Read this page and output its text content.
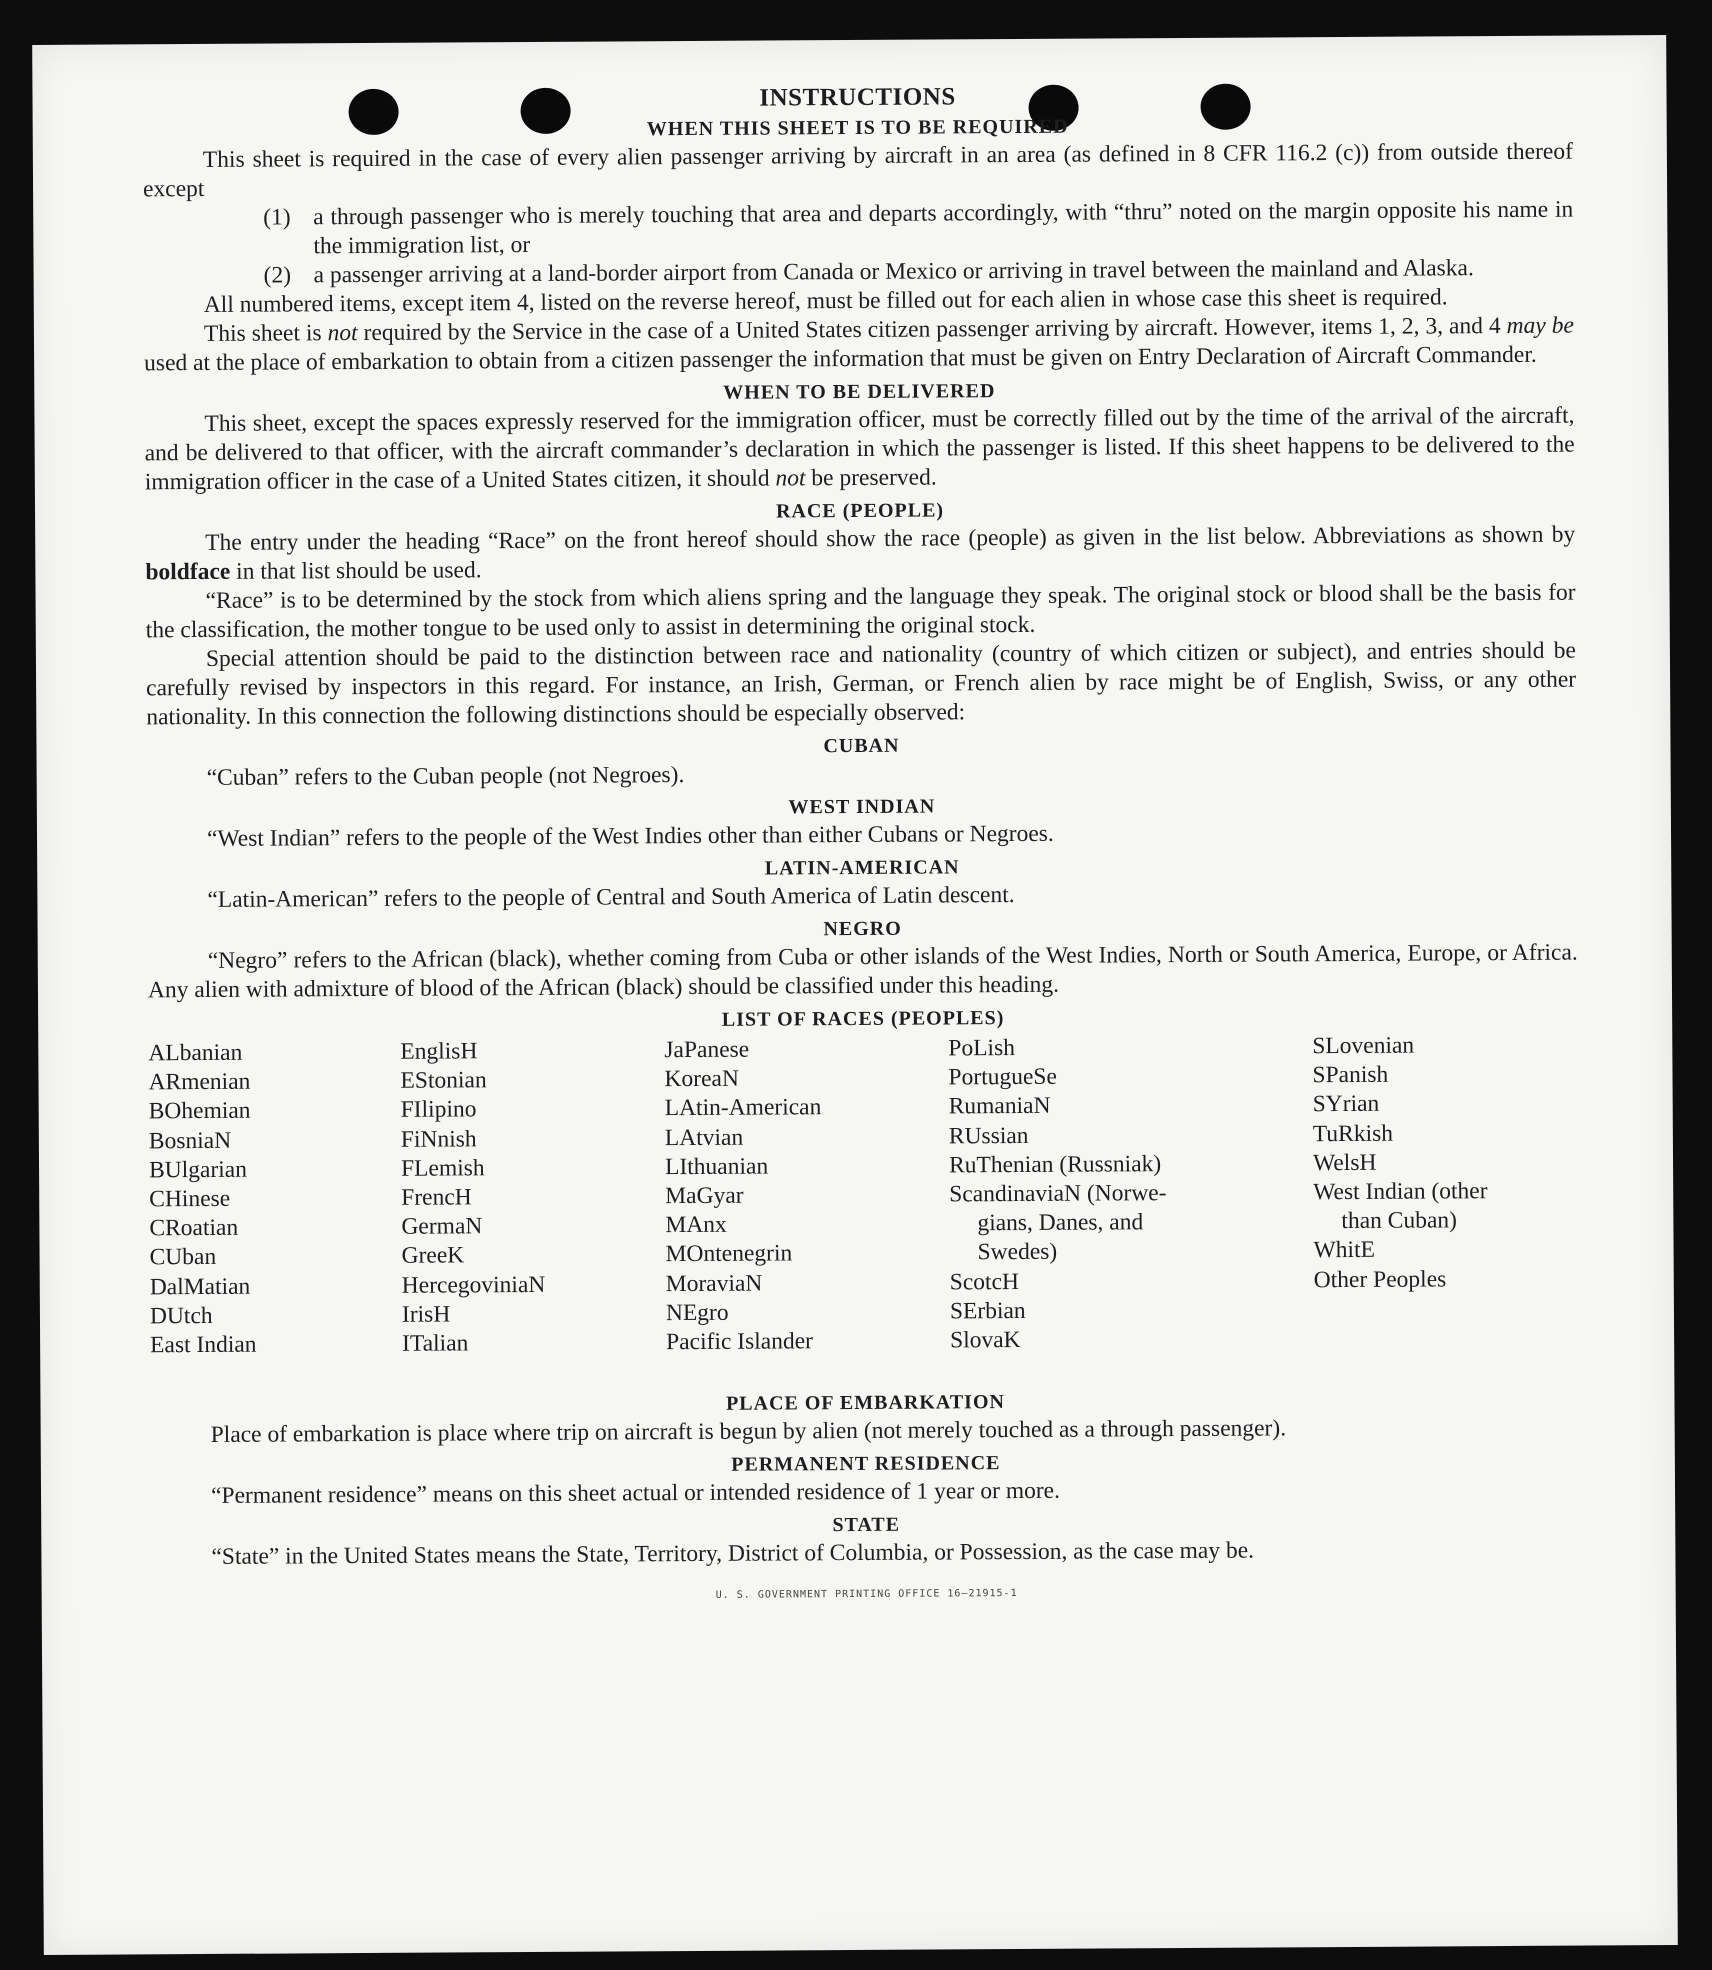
INSTRUCTIONS
WHEN THIS SHEET IS TO BE REQUIRED

This sheet is required in the case of every alien passenger arriving by aircraft in an area (as defined in 8 CFR 116.2 (c)) from outside thereof except

(1) a through passenger who is merely touching that area and departs accordingly, with “thru” noted on the margin opposite his name in the immigration list, or
(2) a passenger arriving at a land-border airport from Canada or Mexico or arriving in travel between the mainland and Alaska.

All numbered items, except item 4, listed on the reverse hereof, must be filled out for each alien in whose case this sheet is required.

This sheet is not required by the Service in the case of a United States citizen passenger arriving by aircraft. However, items 1, 2, 3, and 4 may be used at the place of embarkation to obtain from a citizen passenger the information that must be given on Entry Declaration of Aircraft Commander.

WHEN TO BE DELIVERED

This sheet, except the spaces expressly reserved for the immigration officer, must be correctly filled out by the time of the arrival of the aircraft, and be delivered to that officer, with the aircraft commander’s declaration in which the passenger is listed. If this sheet happens to be delivered to the immigration officer in the case of a United States citizen, it should not be preserved.

RACE (PEOPLE)

The entry under the heading “Race” on the front hereof should show the race (people) as given in the list below. Abbreviations as shown by boldface in that list should be used.

“Race” is to be determined by the stock from which aliens spring and the language they speak. The original stock or blood shall be the basis for the classification, the mother tongue to be used only to assist in determining the original stock.

Special attention should be paid to the distinction between race and nationality (country of which citizen or subject), and entries should be carefully revised by inspectors in this regard. For instance, an Irish, German, or French alien by race might be of English, Swiss, or any other nationality. In this connection the following distinctions should be especially observed:

CUBAN

“Cuban” refers to the Cuban people (not Negroes).

WEST INDIAN

“West Indian” refers to the people of the West Indies other than either Cubans or Negroes.

LATIN-AMERICAN

“Latin-American” refers to the people of Central and South America of Latin descent.

NEGRO

“Negro” refers to the African (black), whether coming from Cuba or other islands of the West Indies, North or South America, Europe, or Africa. Any alien with admixture of blood of the African (black) should be classified under this heading.

LIST OF RACES (PEOPLES)
ALbanian
ARmenian
BOhemian
BosniaN
BUlgarian
CHinese
CRoatian
CUban
DalMatian
DUtch
East Indian
EnglisH
EStonian
FIlipino
FiNnish
FLemish
FrencH
GermaN
GreeK
HercegoviniaN
IrisH
ITalian
JaPanese
KoreaN
LAtin-American
LAtvian
LIthuanian
MaGyar
MAnx
MOntenegrin
MoraviaN
NEgro
Pacific Islander
PoLish
PortugueSe
RumaniaN
RUssian
RuThenian (Russniak)
ScandinaviaN (Norwe-
gians, Danes, and
Swedes)
ScotcH
SErbian
SlovaK
SLovenian
SPanish
SYrian
TuRkish
WelsH
West Indian (other
than Cuban)
WhitE
Other Peoples
PLACE OF EMBARKATION

Place of embarkation is place where trip on aircraft is begun by alien (not merely touched as a through passenger).

PERMANENT RESIDENCE

“Permanent residence” means on this sheet actual or intended residence of 1 year or more.

STATE

“State” in the United States means the State, Territory, District of Columbia, or Possession, as the case may be.

U. S. GOVERNMENT PRINTING OFFICE 16—21915-1
